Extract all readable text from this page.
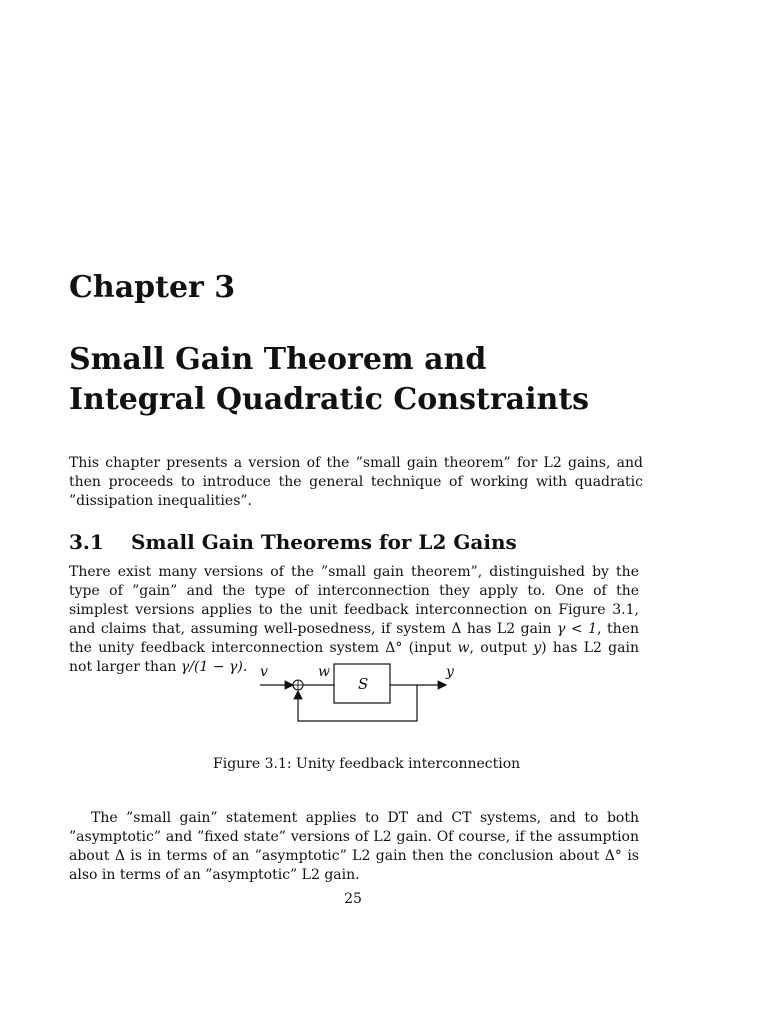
Chapter 3
Small Gain Theorem and
Integral Quadratic Constraints

This chapter presents a version of the ”small gain theorem” for L2 gains, and then proceeds to introduce the general technique of working with quadratic ”dissipation inequalities”.

3.1 Small Gain Theorems for L2 Gains

There exist many versions of the ”small gain theorem”, distinguished by the type of ”gain” and the type of interconnection they apply to. One of the simplest versions applies to the unit feedback interconnection on Figure 3.1, and claims that, assuming well-posedness, if system Δ has L2 gain γ < 1, then the unity feedback interconnection system Δ° (input w, output y) has L2 gain not larger than γ/(1 − γ). v	w	y
S
Figure 3.1: Unity feedback interconnection

The ”small gain” statement applies to DT and CT systems, and to both ”asymptotic” and ”fixed state” versions of L2 gain. Of course, if the assumption about Δ is in terms of an ”asymptotic” L2 gain then the conclusion about Δ° is also in terms of an ”asymptotic” L2 gain.

25
